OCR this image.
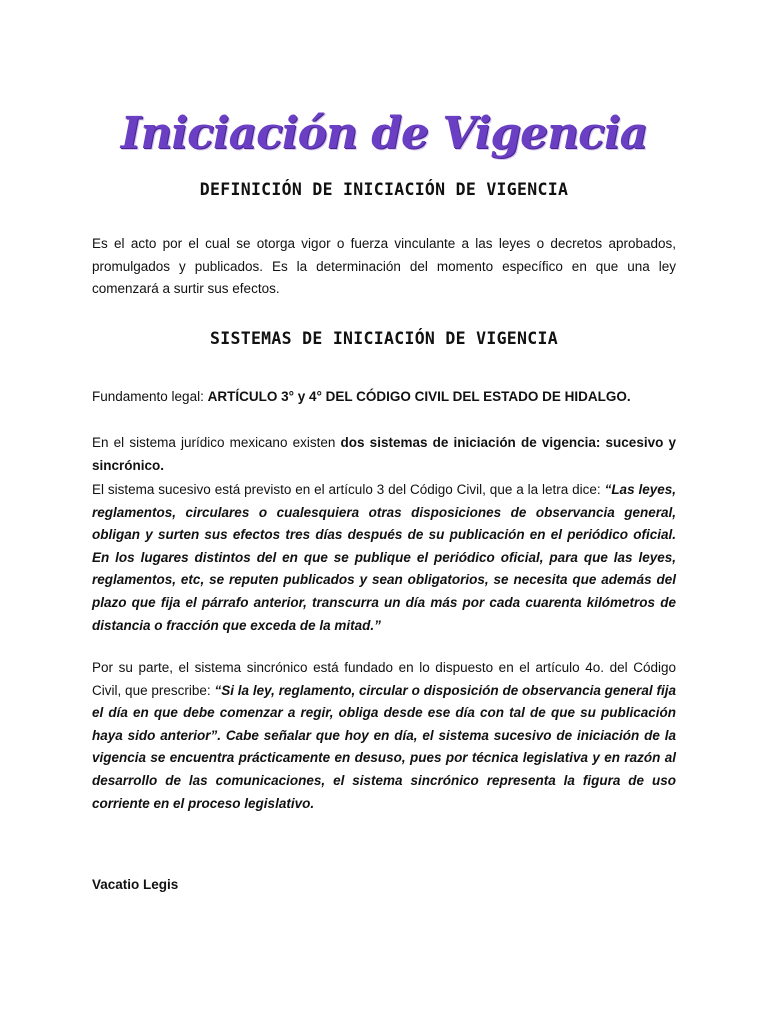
Iniciación de Vigencia
DEFINICIÓN DE INICIACIÓN DE VIGENCIA

Es el acto por el cual se otorga vigor o fuerza vinculante a las leyes o decretos aprobados, promulgados y publicados. Es la determinación del momento específico en que una ley comenzará a surtir sus efectos.

SISTEMAS DE INICIACIÓN DE VIGENCIA

Fundamento legal: ARTÍCULO 3° y 4° DEL CÓDIGO CIVIL DEL ESTADO DE HIDALGO.

En el sistema jurídico mexicano existen dos sistemas de iniciación de vigencia: sucesivo y sincrónico.

El sistema sucesivo está previsto en el artículo 3 del Código Civil, que a la letra dice: “Las leyes, reglamentos, circulares o cualesquiera otras disposiciones de observancia general, obligan y surten sus efectos tres días después de su publicación en el periódico oficial. En los lugares distintos del en que se publique el periódico oficial, para que las leyes, reglamentos, etc, se reputen publicados y sean obligatorios, se necesita que además del plazo que fija el párrafo anterior, transcurra un día más por cada cuarenta kilómetros de distancia o fracción que exceda de la mitad.”

Por su parte, el sistema sincrónico está fundado en lo dispuesto en el artículo 4o. del Código Civil, que prescribe: “Si la ley, reglamento, circular o disposición de observancia general fija el día en que debe comenzar a regir, obliga desde ese día con tal de que su publicación haya sido anterior”. Cabe señalar que hoy en día, el sistema sucesivo de iniciación de la vigencia se encuentra prácticamente en desuso, pues por técnica legislativa y en razón al desarrollo de las comunicaciones, el sistema sincrónico representa la figura de uso corriente en el proceso legislativo.

Vacatio Legis
